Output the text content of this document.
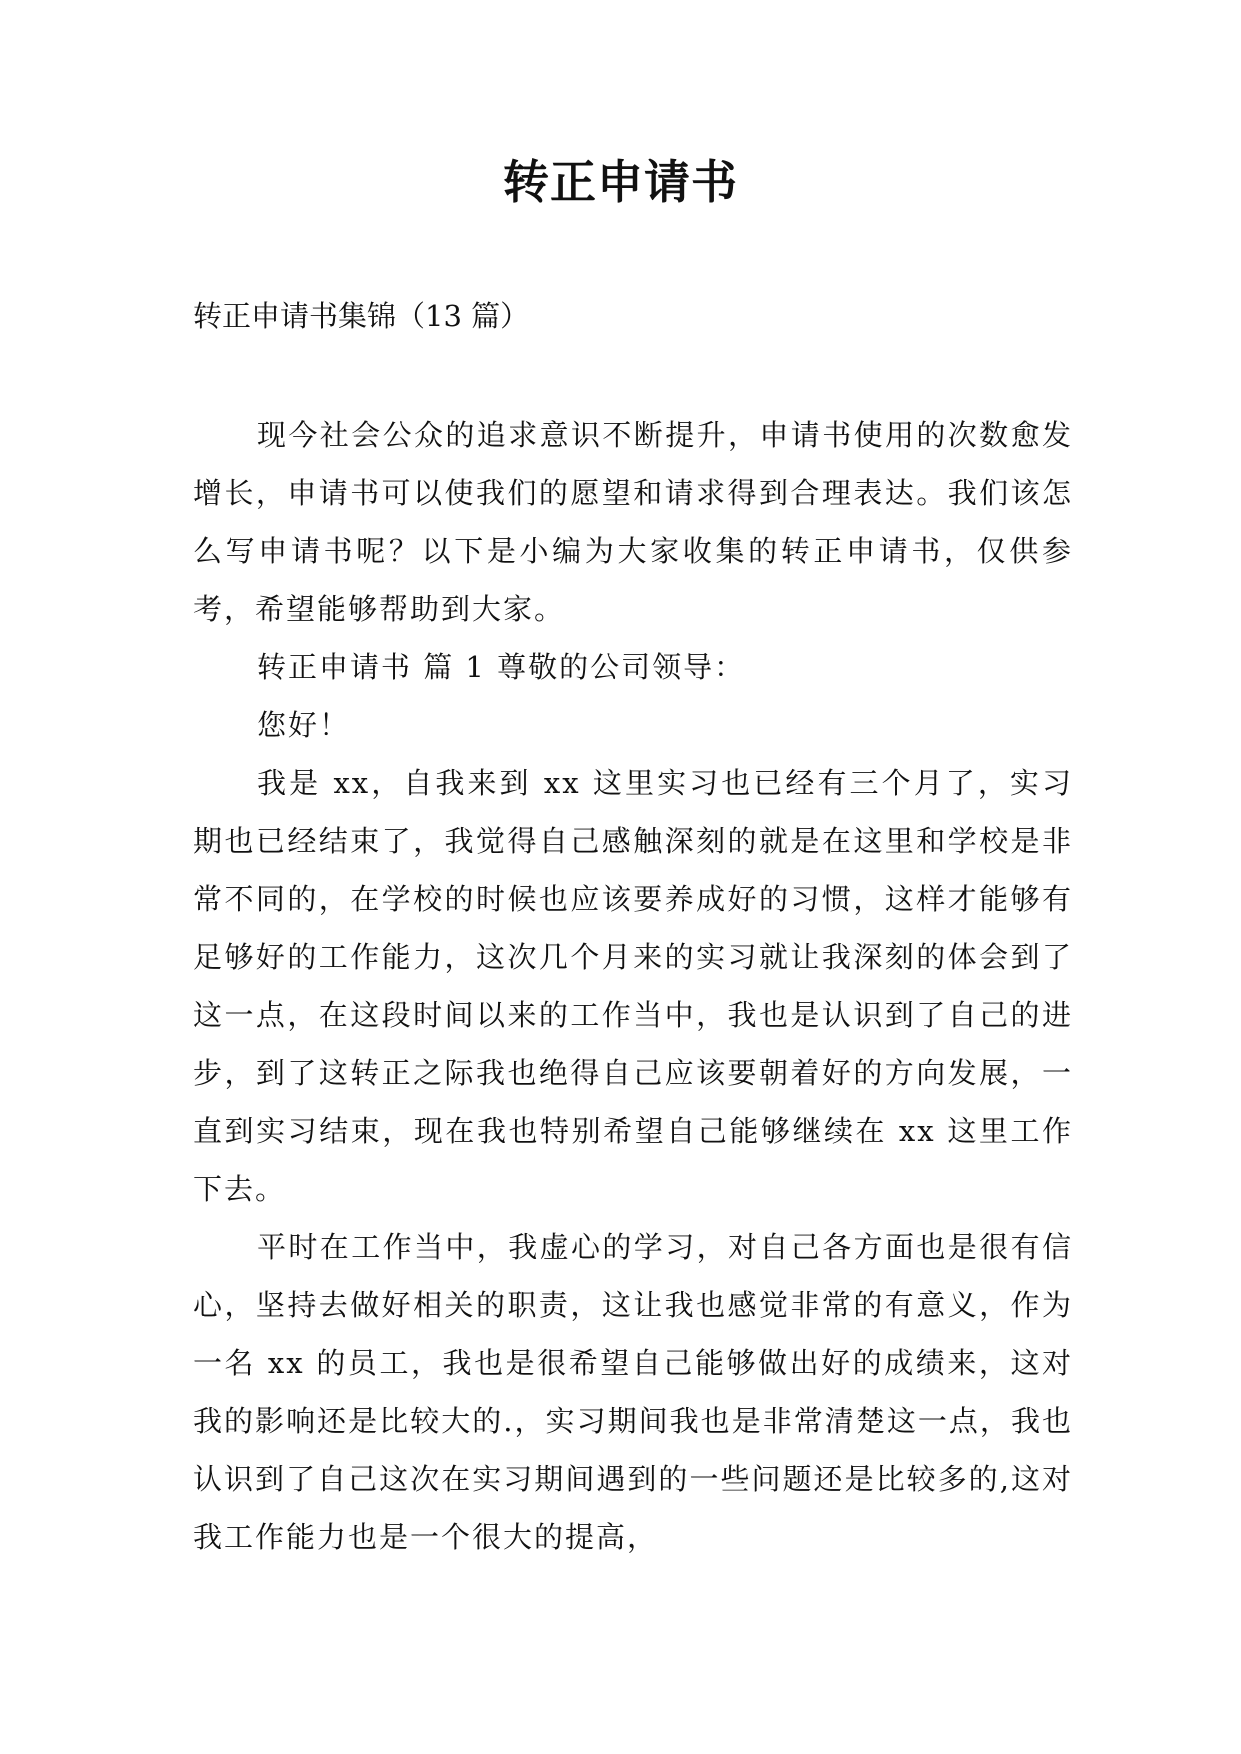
转正申请书

转正申请书集锦（13 篇）

现今社会公众的追求意识不断提升，申请书使用的次数愈发增长，申请书可以使我们的愿望和请求得到合理表达。我们该怎么写申请书呢？以下是小编为大家收集的转正申请书，仅供参考，希望能够帮助到大家。

转正申请书 篇 1 尊敬的公司领导：

您好！

我是 xx，自我来到 xx 这里实习也已经有三个月了，实习期也已经结束了，我觉得自己感触深刻的就是在这里和学校是非常不同的，在学校的时候也应该要养成好的习惯，这样才能够有足够好的工作能力，这次几个月来的实习就让我深刻的体会到了这一点，在这段时间以来的工作当中，我也是认识到了自己的进步，到了这转正之际我也绝得自己应该要朝着好的方向发展，一直到实习结束，现在我也特别希望自己能够继续在 xx 这里工作下去。

平时在工作当中，我虚心的学习，对自己各方面也是很有信心，坚持去做好相关的职责，这让我也感觉非常的有意义，作为一名 xx 的员工，我也是很希望自己能够做出好的成绩来，这对我的影响还是比较大的.，实习期间我也是非常清楚这一点，我也认识到了自己这次在实习期间遇到的一些问题还是比较多的,这对我工作能力也是一个很大的提高，
